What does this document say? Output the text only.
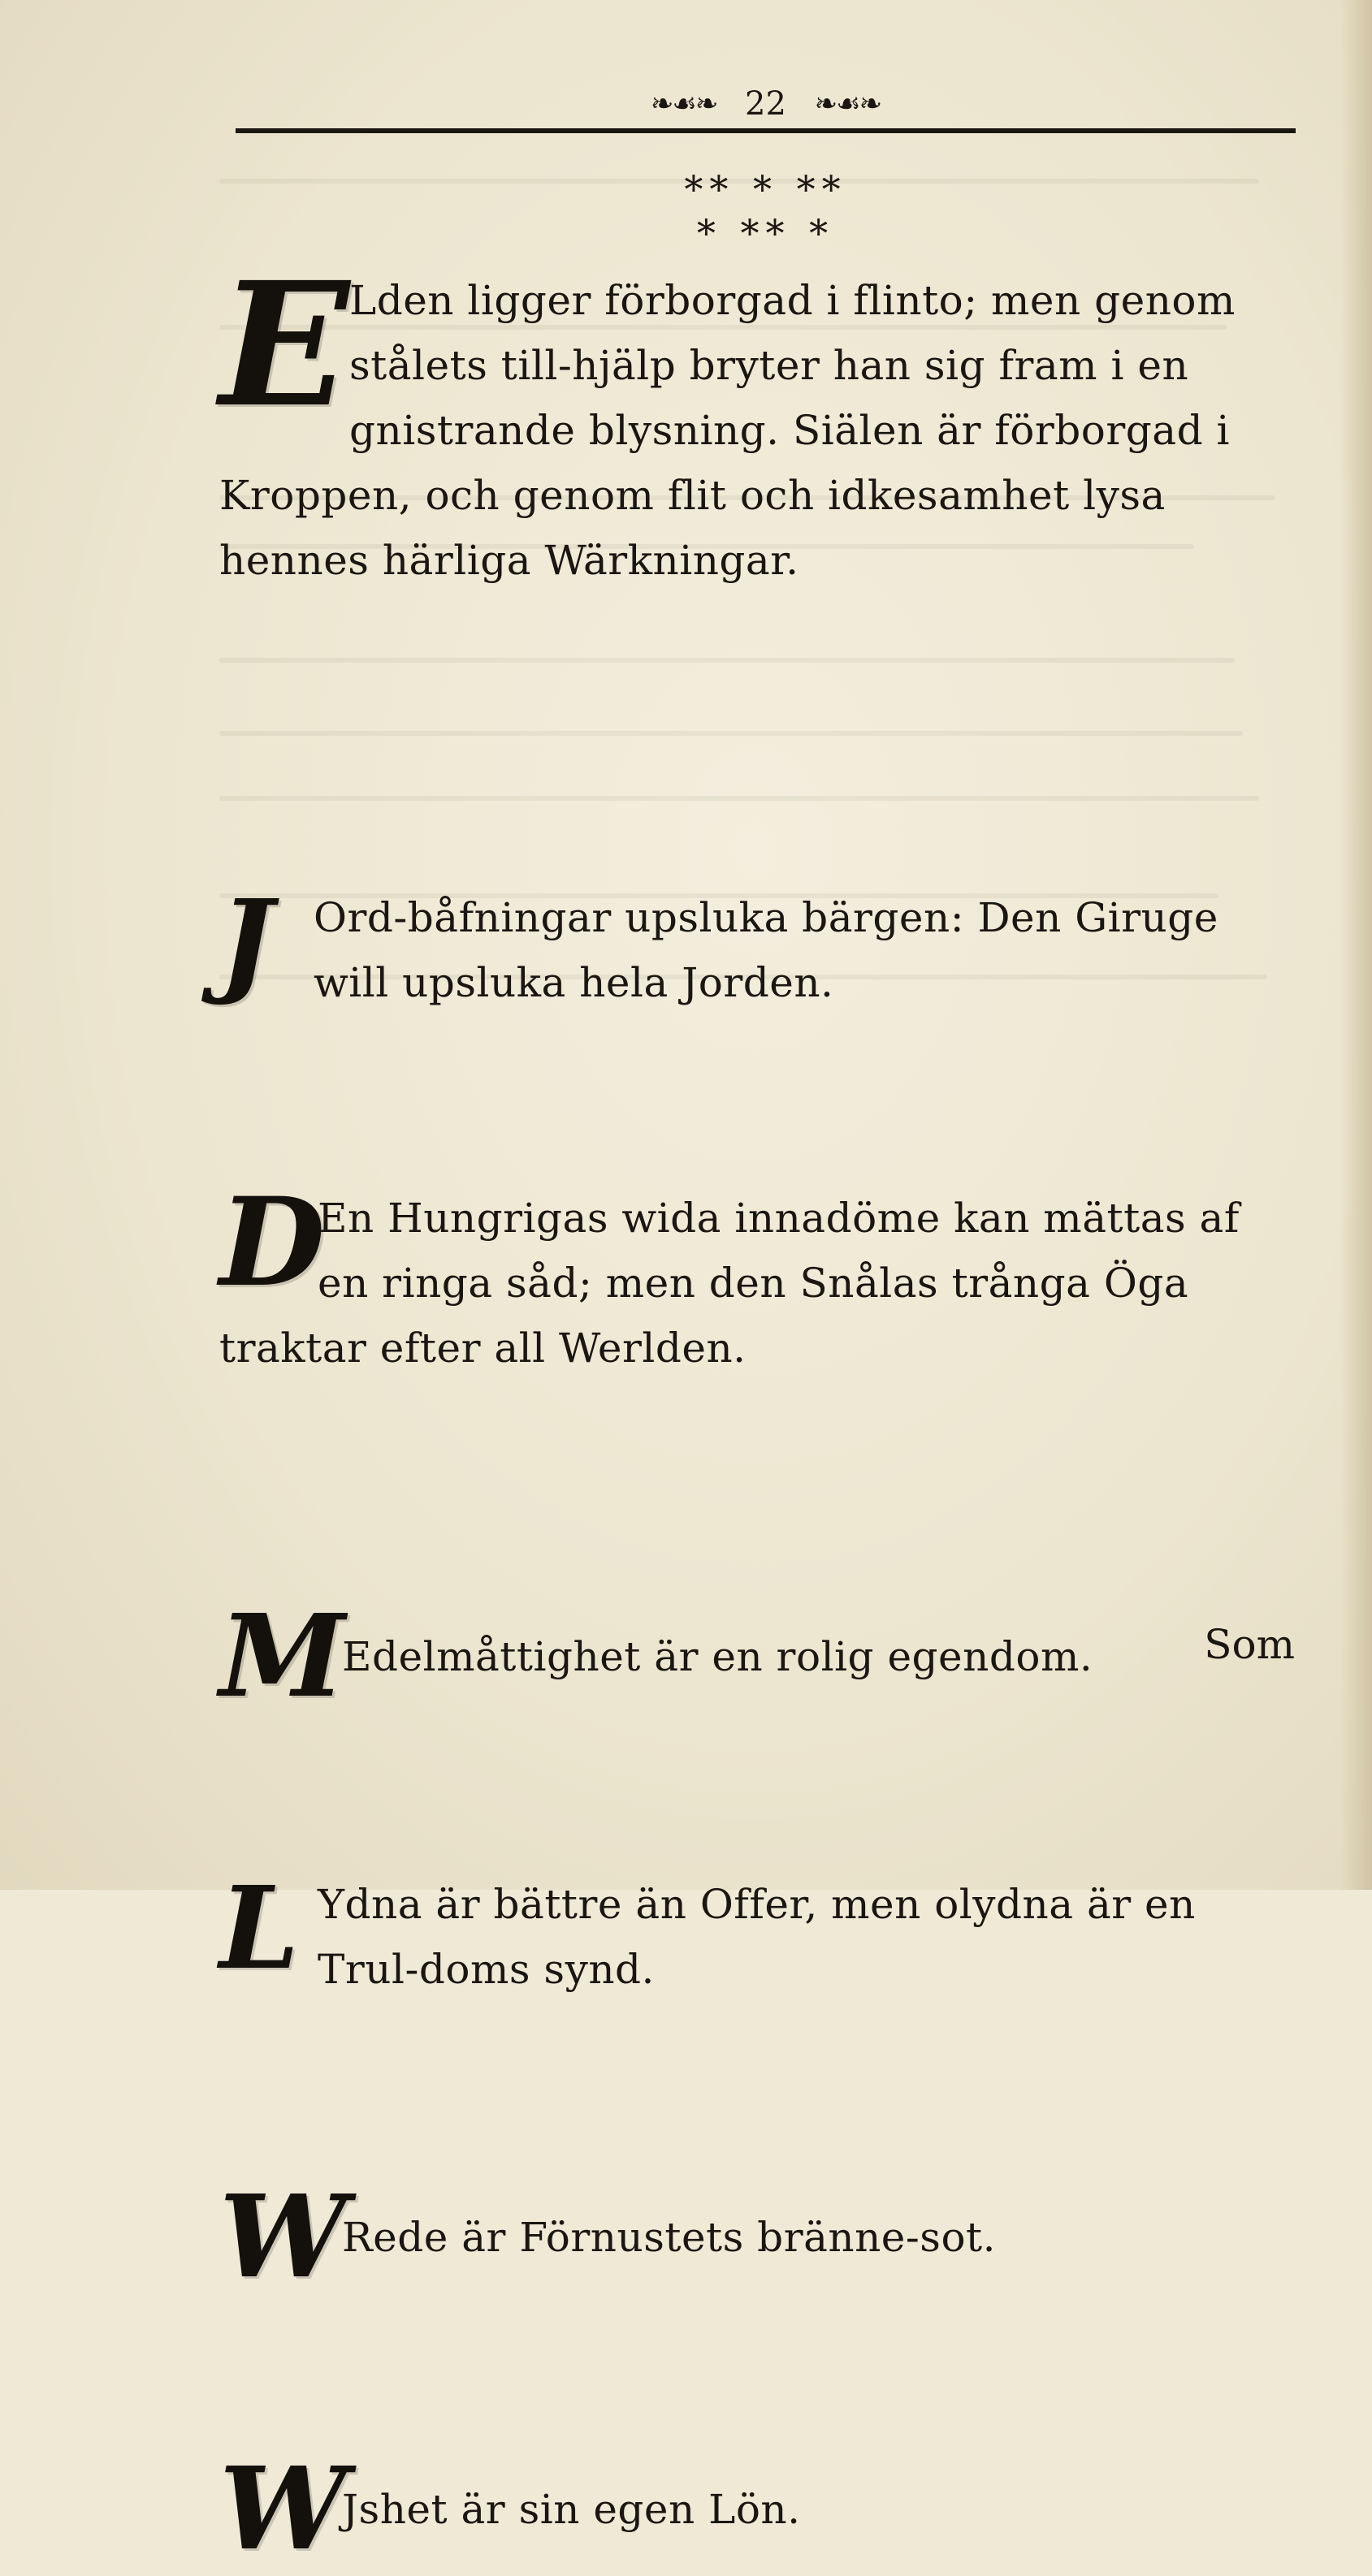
❧☙❧ 22 ❧☙❧
** * **
* ** *
E Lden ligger förborgad i flinto; men genom stålets till-hjälp bryter han sig fram i en gnistrande blysning. Siälen är förborgad i Kroppen, och genom flit och idkesamhet lysa hennes härliga Wärkningar.

J Ord-båfningar upsluka bärgen: Den Giruge will upsluka hela Jorden.

D

En Hungrigas wida innadöme kan mättas af en ringa såd; men den Snålas trånga Öga traktar efter all Werlden.

M

Edelmåttighet är en rolig egendom.

L Ydna är bättre än Offer, men olydna är en Trul-doms synd.

W

Rede är Förnustets bränne-sot.

W

Jshet är sin egen Lön.

Som
